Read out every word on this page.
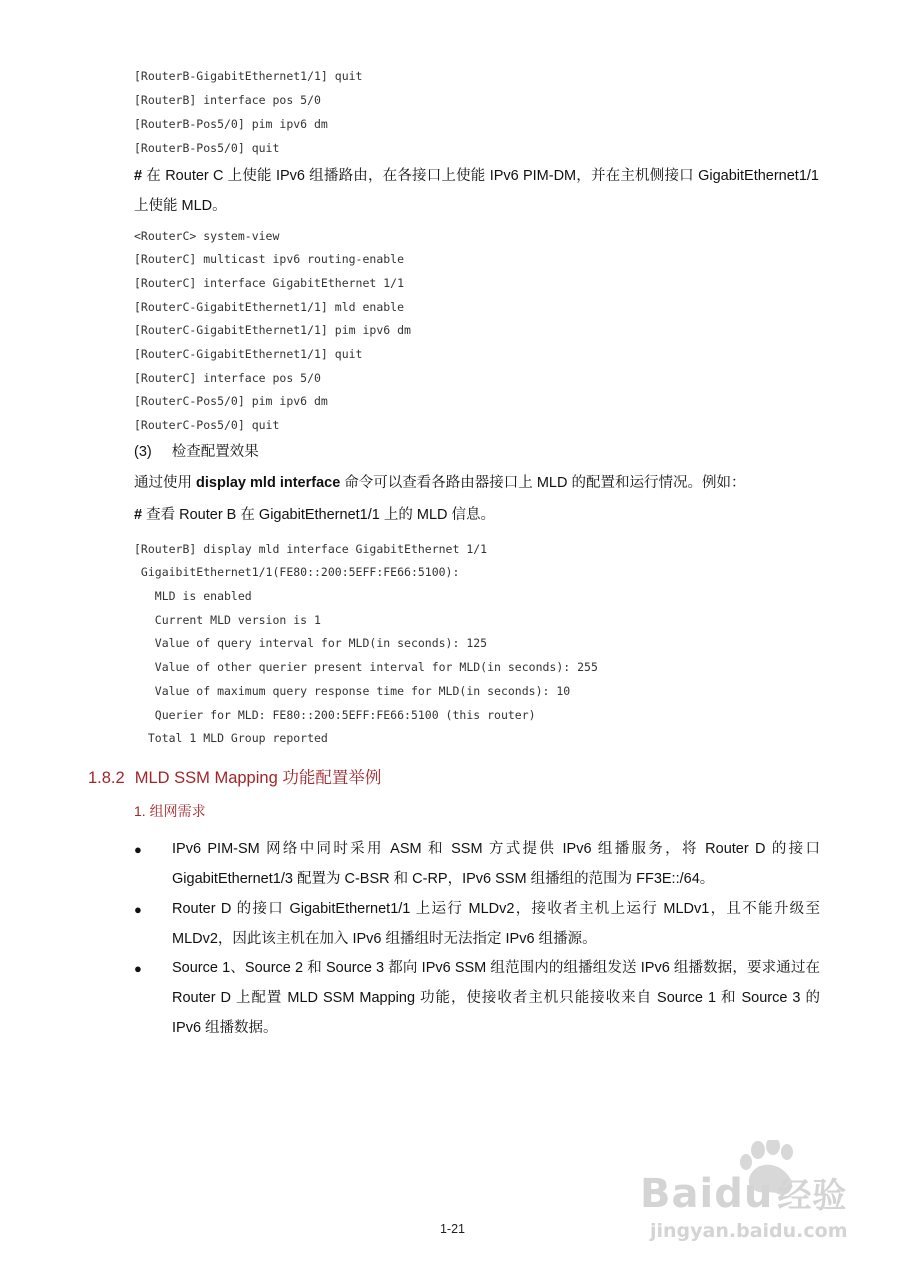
[RouterB-GigabitEthernet1/1] quit
[RouterB] interface pos 5/0
[RouterB-Pos5/0] pim ipv6 dm
[RouterB-Pos5/0] quit
# 在 Router C 上使能 IPv6 组播路由，在各接口上使能 IPv6 PIM-DM，并在主机侧接口 GigabitEthernet1/1 上使能 MLD。
<RouterC> system-view
[RouterC] multicast ipv6 routing-enable
[RouterC] interface GigabitEthernet 1/1
[RouterC-GigabitEthernet1/1] mld enable
[RouterC-GigabitEthernet1/1] pim ipv6 dm
[RouterC-GigabitEthernet1/1] quit
[RouterC] interface pos 5/0
[RouterC-Pos5/0] pim ipv6 dm
[RouterC-Pos5/0] quit
(3) 检查配置效果
通过使用 display mld interface 命令可以查看各路由器接口上 MLD 的配置和运行情况。例如：
# 查看 Router B 在 GigabitEthernet1/1 上的 MLD 信息。
[RouterB] display mld interface GigabitEthernet 1/1
GigaibitEthernet1/1(FE80::200:5EFF:FE66:5100):
MLD is enabled
Current MLD version is 1
Value of query interval for MLD(in seconds): 125
Value of other querier present interval for MLD(in seconds): 255
Value of maximum query response time for MLD(in seconds): 10
Querier for MLD: FE80::200:5EFF:FE66:5100 (this router)
Total 1 MLD Group reported
1.8.2 MLD SSM Mapping 功能配置举例
1. 组网需求
● IPv6 PIM-SM 网络中同时采用 ASM 和 SSM 方式提供 IPv6 组播服务，将 Router D 的接口 GigabitEthernet1/3 配置为 C-BSR 和 C-RP，IPv6 SSM 组播组的范围为 FF3E::/64。
● Router D 的接口 GigabitEthernet1/1 上运行 MLDv2，接收者主机上运行 MLDv1，且不能升级至 MLDv2，因此该主机在加入 IPv6 组播组时无法指定 IPv6 组播源。
● Source 1、Source 2 和 Source 3 都向 IPv6 SSM 组范围内的组播组发送 IPv6 组播数据，要求通过在 Router D 上配置 MLD SSM Mapping 功能，使接收者主机只能接收来自 Source 1 和 Source 3 的 IPv6 组播数据。
Baidu 经验
jingyan.baidu.com
1-21
